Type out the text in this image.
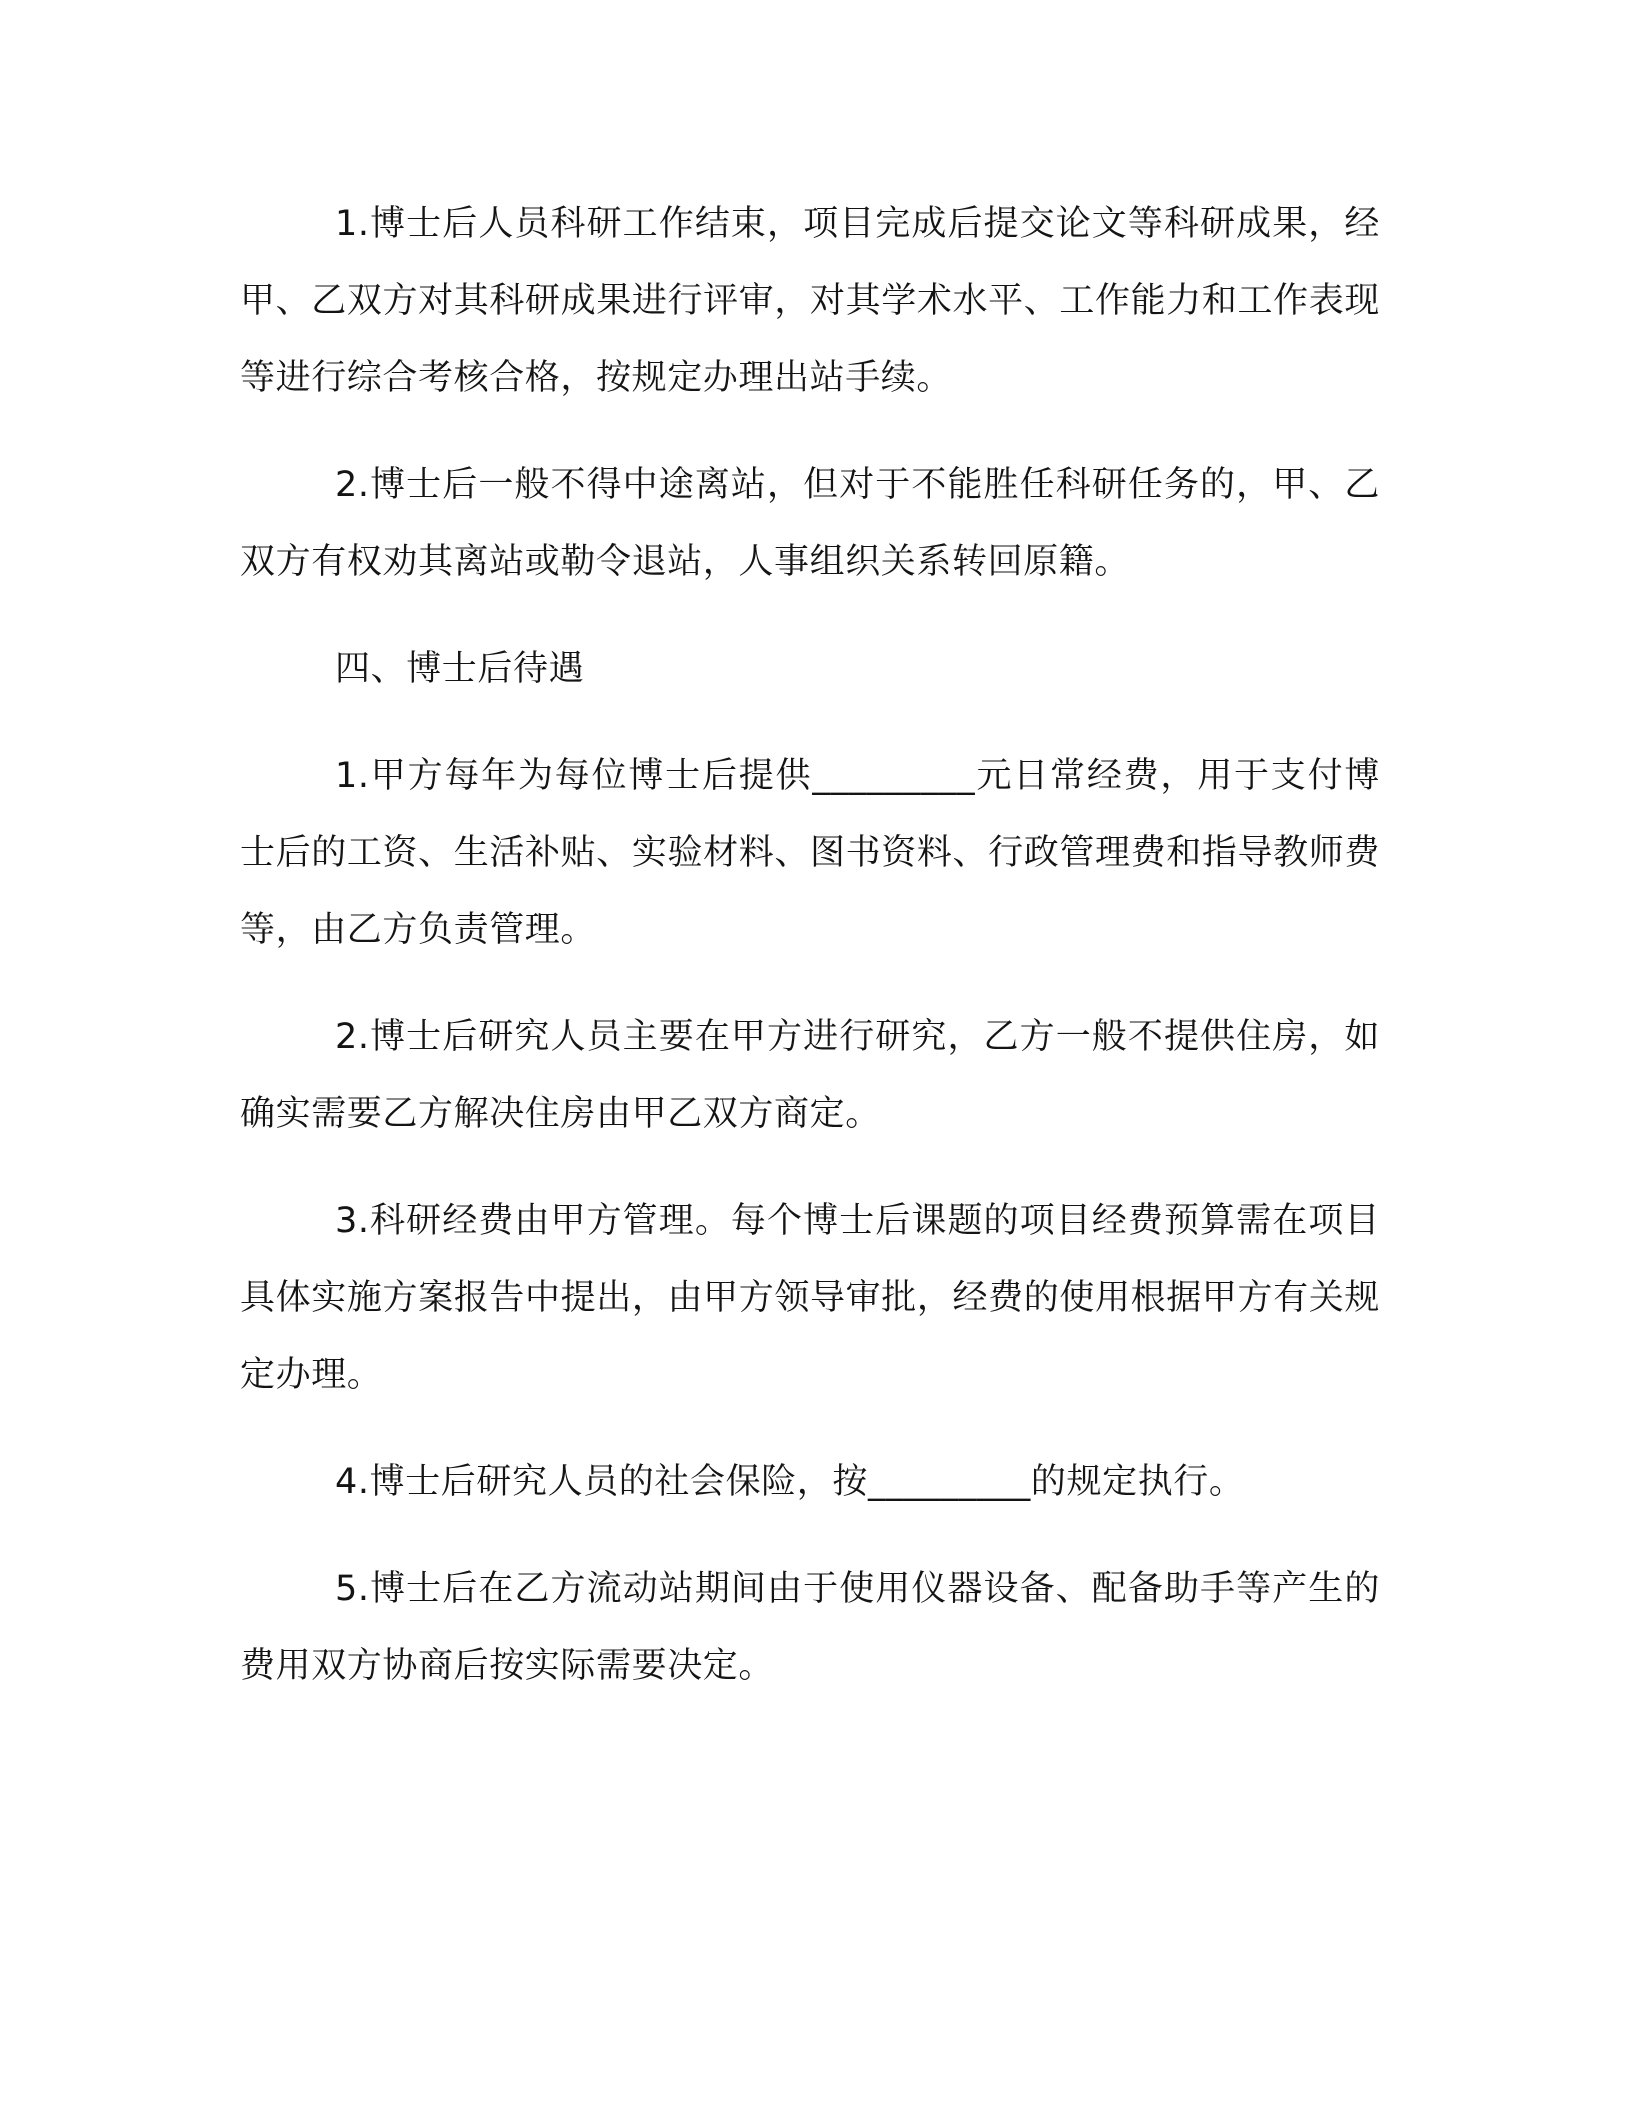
1.博士后人员科研工作结束，项目完成后提交论文等科研成果，经甲、乙双方对其科研成果进行评审，对其学术水平、工作能力和工作表现等进行综合考核合格，按规定办理出站手续。

2.博士后一般不得中途离站，但对于不能胜任科研任务的，甲、乙双方有权劝其离站或勒令退站，人事组织关系转回原籍。

四、博士后待遇

1.甲方每年为每位博士后提供_________元日常经费，用于支付博士后的工资、生活补贴、实验材料、图书资料、行政管理费和指导教师费等，由乙方负责管理。

2.博士后研究人员主要在甲方进行研究，乙方一般不提供住房，如确实需要乙方解决住房由甲乙双方商定。

3.科研经费由甲方管理。每个博士后课题的项目经费预算需在项目具体实施方案报告中提出，由甲方领导审批，经费的使用根据甲方有关规定办理。

4.博士后研究人员的社会保险，按_________的规定执行。

5.博士后在乙方流动站期间由于使用仪器设备、配备助手等产生的费用双方协商后按实际需要决定。
